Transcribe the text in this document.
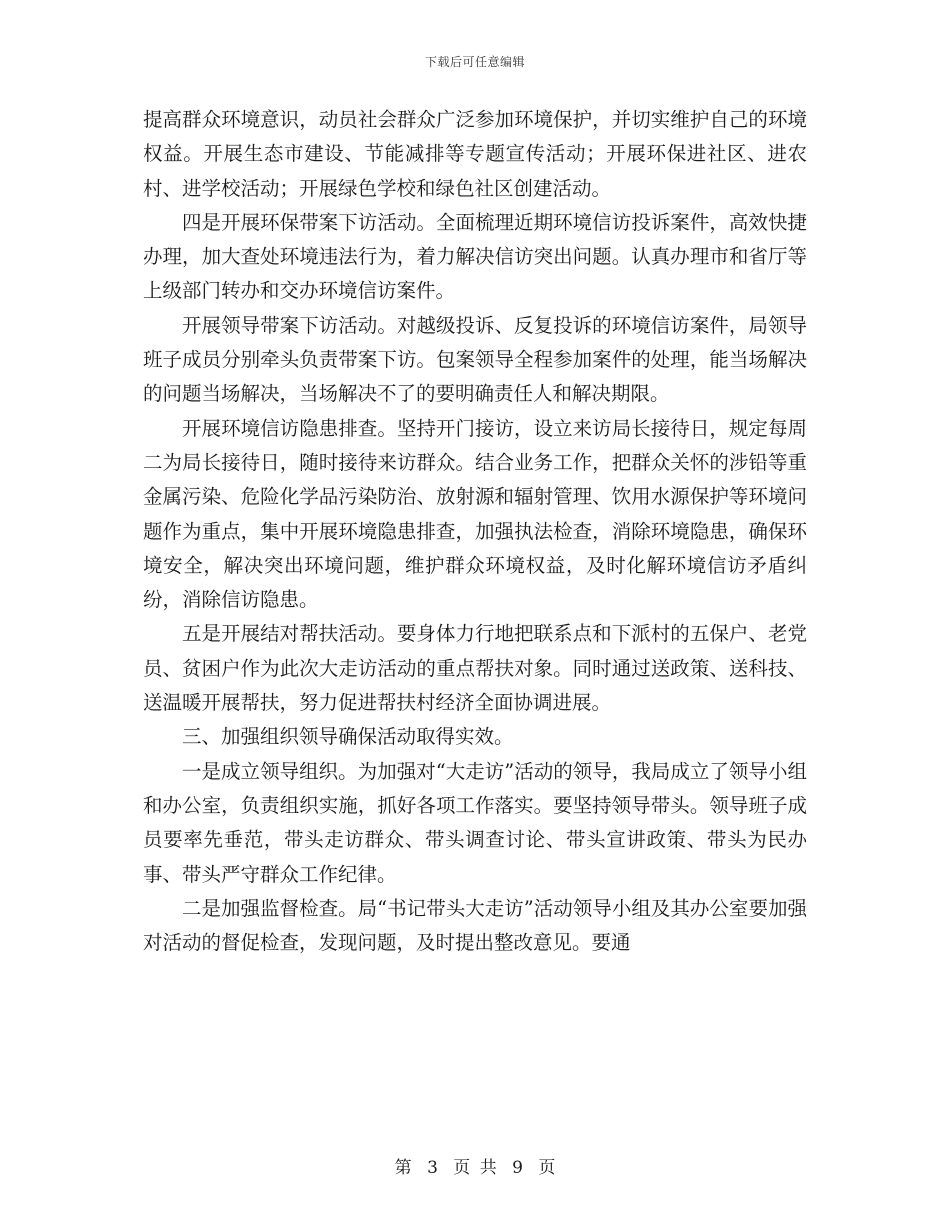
下载后可任意编辑

提高群众环境意识，动员社会群众广泛参加环境保护，并切实维护自己的环境权益。开展生态市建设、节能减排等专题宣传活动；开展环保进社区、进农村、进学校活动；开展绿色学校和绿色社区创建活动。

四是开展环保带案下访活动。全面梳理近期环境信访投诉案件，高效快捷办理，加大查处环境违法行为，着力解决信访突出问题。认真办理市和省厅等上级部门转办和交办环境信访案件。

开展领导带案下访活动。对越级投诉、反复投诉的环境信访案件，局领导班子成员分别牵头负责带案下访。包案领导全程参加案件的处理，能当场解决的问题当场解决，当场解决不了的要明确责任人和解决期限。

开展环境信访隐患排查。坚持开门接访，设立来访局长接待日，规定每周二为局长接待日，随时接待来访群众。结合业务工作，把群众关怀的涉铅等重金属污染、危险化学品污染防治、放射源和辐射管理、饮用水源保护等环境问题作为重点，集中开展环境隐患排查，加强执法检查，消除环境隐患，确保环境安全，解决突出环境问题，维护群众环境权益，及时化解环境信访矛盾纠纷，消除信访隐患。

五是开展结对帮扶活动。要身体力行地把联系点和下派村的五保户、老党员、贫困户作为此次大走访活动的重点帮扶对象。同时通过送政策、送科技、送温暖开展帮扶，努力促进帮扶村经济全面协调进展。

三、加强组织领导确保活动取得实效。

一是成立领导组织。为加强对“大走访”活动的领导，我局成立了领导小组和办公室，负责组织实施，抓好各项工作落实。要坚持领导带头。领导班子成员要率先垂范，带头走访群众、带头调查讨论、带头宣讲政策、带头为民办事、带头严守群众工作纪律。

二是加强监督检查。局“书记带头大走访”活动领导小组及其办公室要加强对活动的督促检查，发现问题，及时提出整改意见。要通

第 3 页 共 9 页
